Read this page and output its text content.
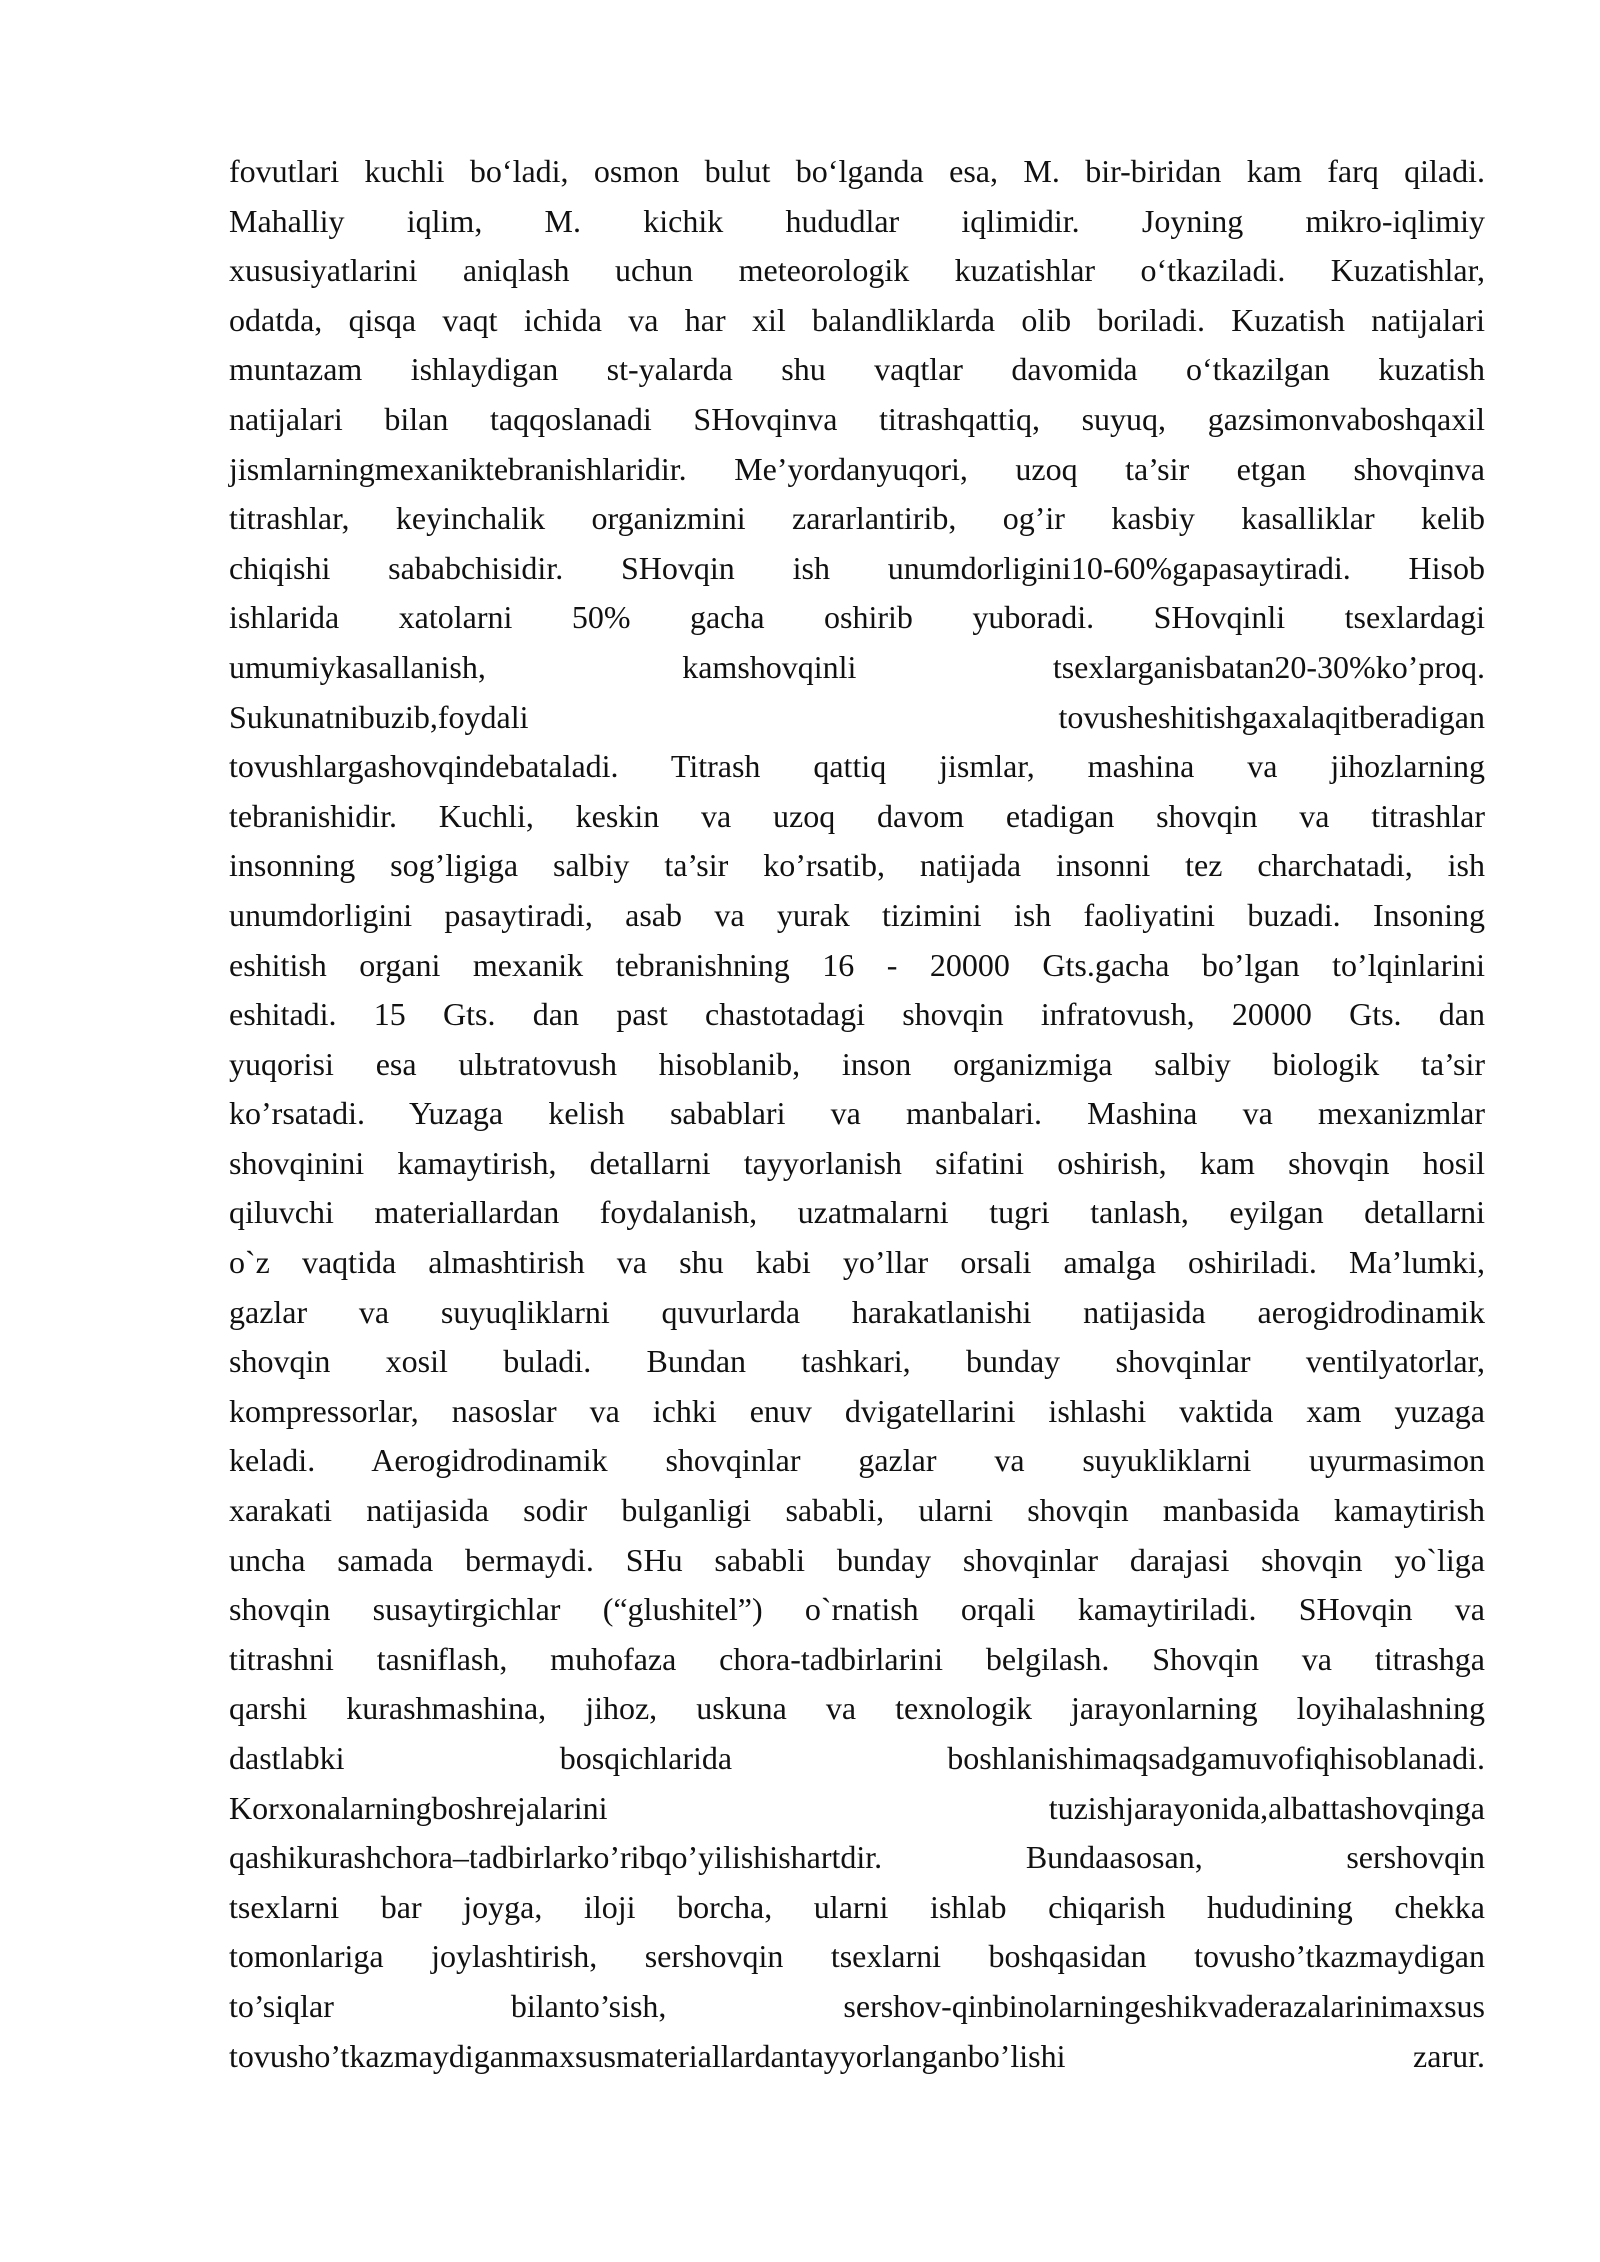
fovutlari kuchli bo‘ladi, osmon bulut bo‘lganda esa, M. bir-biridan kam farq qiladi.
Mahalliy iqlim, M. kichik hududlar iqlimidir. Joyning mikro-iqlimiy
xususiyatlarini aniqlash uchun meteorologik kuzatishlar o‘tkaziladi. Kuzatishlar,
odatda, qisqa vaqt ichida va har xil balandliklarda olib boriladi. Kuzatish natijalari
muntazam ishlaydigan st-yalarda shu vaqtlar davomida o‘tkazilgan kuzatish
natijalari bilan taqqoslanadi SHovqinva titrashqattiq, suyuq, gazsimonvaboshqaxil
jismlarningmexaniktebranishlaridir. Me’yordanyuqori, uzoq ta’sir etgan shovqinva
titrashlar, keyinchalik organizmini zararlantirib, og’ir kasbiy kasalliklar kelib
chiqishi sababchisidir. SHovqin ish unumdorligini10-60%gapasaytiradi. Hisob
ishlarida xatolarni 50% gacha oshirib yuboradi. SHovqinli tsexlardagi
umumiykasallanish, kamshovqinli tsexlarganisbatan20-30%ko’proq.
Sukunatnibuzib,foydali tovusheshitishgaxalaqitberadigan
tovushlargashovqindebataladi. Titrash qattiq jismlar, mashina va jihozlarning
tebranishidir. Kuchli, keskin va uzoq davom etadigan shovqin va titrashlar
insonning sog’ligiga salbiy ta’sir ko’rsatib, natijada insonni tez charchatadi, ish
unumdorligini pasaytiradi, asab va yurak tizimini ish faoliyatini buzadi. Insoning
eshitish organi mexanik tebranishning 16 - 20000 Gts.gacha bo’lgan to’lqinlarini
eshitadi. 15 Gts. dan past chastotadagi shovqin infratovush, 20000 Gts. dan
yuqorisi esa ulьtratovush hisoblanib, inson organizmiga salbiy biologik ta’sir
ko’rsatadi. Yuzaga kelish sabablari va manbalari. Mashina va mexanizmlar
shovqinini kamaytirish, detallarni tayyorlanish sifatini oshirish, kam shovqin hosil
qiluvchi materiallardan foydalanish, uzatmalarni tugri tanlash, eyilgan detallarni
o`z vaqtida almashtirish va shu kabi yo’llar orsali amalga oshiriladi. Ma’lumki,
gazlar va suyuqliklarni quvurlarda harakatlanishi natijasida aerogidrodinamik
shovqin xosil buladi. Bundan tashkari, bunday shovqinlar ventilyatorlar,
kompressorlar, nasoslar va ichki enuv dvigatellarini ishlashi vaktida xam yuzaga
keladi. Aerogidrodinamik shovqinlar gazlar va suyukliklarni uyurmasimon
xarakati natijasida sodir bulganligi sababli, ularni shovqin manbasida kamaytirish
uncha samada bermaydi. SHu sababli bunday shovqinlar darajasi shovqin yo`liga
shovqin susaytirgichlar (“glushitel”) o`rnatish orqali kamaytiriladi. SHovqin va
titrashni tasniflash, muhofaza chora-tadbirlarini belgilash. Shovqin va titrashga
qarshi kurashmashina, jihoz, uskuna va texnologik jarayonlarning loyihalashning
dastlabki bosqichlarida boshlanishimaqsadgamuvofiqhisoblanadi.
Korxonalarningboshrejalarini tuzishjarayonida,albattashovqinga
qashikurashchora–tadbirlarko’ribqo’yilishishartdir. Bundaasosan, sershovqin
tsexlarni bar joyga, iloji borcha, ularni ishlab chiqarish hududining chekka
tomonlariga joylashtirish, sershovqin tsexlarni boshqasidan tovusho’tkazmaydigan
to’siqlar bilanto’sish, sershov-qinbinolarningeshikvaderazalarinimaxsus
tovusho’tkazmaydiganmaxsusmateriallardantayyorlanganbo’lishi zarur.
